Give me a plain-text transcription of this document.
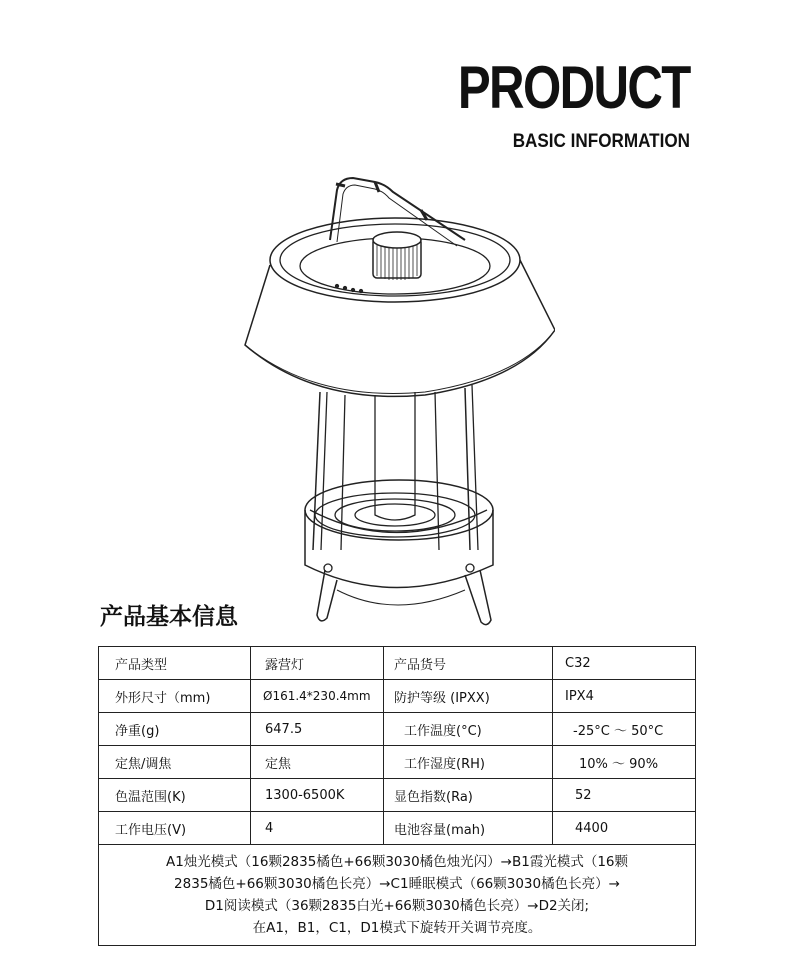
PRODUCT
BASIC INFORMATION
产品基本信息
产品类型	露营灯	产品货号	C32
外形尺寸（mm)	Ø161.4*230.4mm	防护等级 (IPXX)	IPX4
净重(g)	647.5	工作温度(°C)	-25°C ～ 50°C
定焦/调焦	定焦	工作湿度(RH)	10% ～ 90%
色温范围(K)	1300-6500K	显色指数(Ra)	52
工作电压(V)	4	电池容量(mah)	4400

A1烛光模式（16颗2835橘色+66颗3030橘色烛光闪）→B1霞光模式（16颗
2835橘色+66颗3030橘色长亮）→C1睡眠模式（66颗3030橘色长亮）→
D1阅读模式（36颗2835白光+66颗3030橘色长亮）→D2关闭;
在A1，B1，C1，D1模式下旋转开关调节亮度。			
